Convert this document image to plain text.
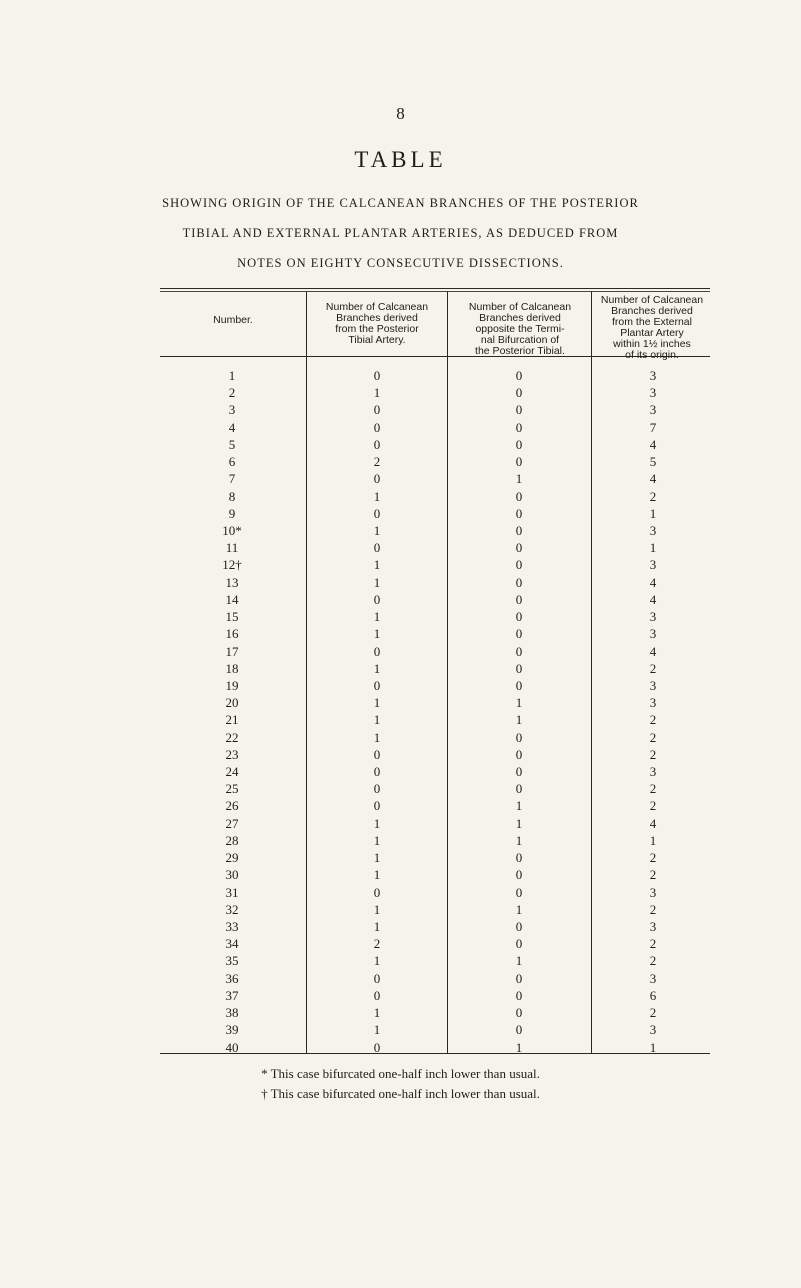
8
TABLE
SHOWING ORIGIN OF THE CALCANEAN BRANCHES OF THE POSTERIOR
TIBIAL AND EXTERNAL PLANTAR ARTERIES, AS DEDUCED FROM
NOTES ON EIGHTY CONSECUTIVE DISSECTIONS.
Number.
Number of Calcanean
Branches derived
from the Posterior
Tibial Artery.
Number of Calcanean
Branches derived
opposite the Termi-
nal Bifurcation of
the Posterior Tibial.
Number of Calcanean
Branches derived
from the External
Plantar Artery
within 1½ inches
of its origin.
1	0	0	3
2	1	0	3
3	0	0	3
4	0	0	7
5	0	0	4
6	2	0	5
7	0	1	4
8	1	0	2
9	0	0	1
10*	1	0	3
11	0	0	1
12†	1	0	3
13	1	0	4
14	0	0	4
15	1	0	3
16	1	0	3
17	0	0	4
18	1	0	2
19	0	0	3
20	1	1	3
21	1	1	2
22	1	0	2
23	0	0	2
24	0	0	3
25	0	0	2
26	0	1	2
27	1	1	4
28	1	1	1
29	1	0	2
30	1	0	2
31	0	0	3
32	1	1	2
33	1	0	3
34	2	0	2
35	1	1	2
36	0	0	3
37	0	0	6
38	1	0	2
39	1	0	3
40	0	1	1
* This case bifurcated one-half inch lower than usual.
† This case bifurcated one-half inch lower than usual.
